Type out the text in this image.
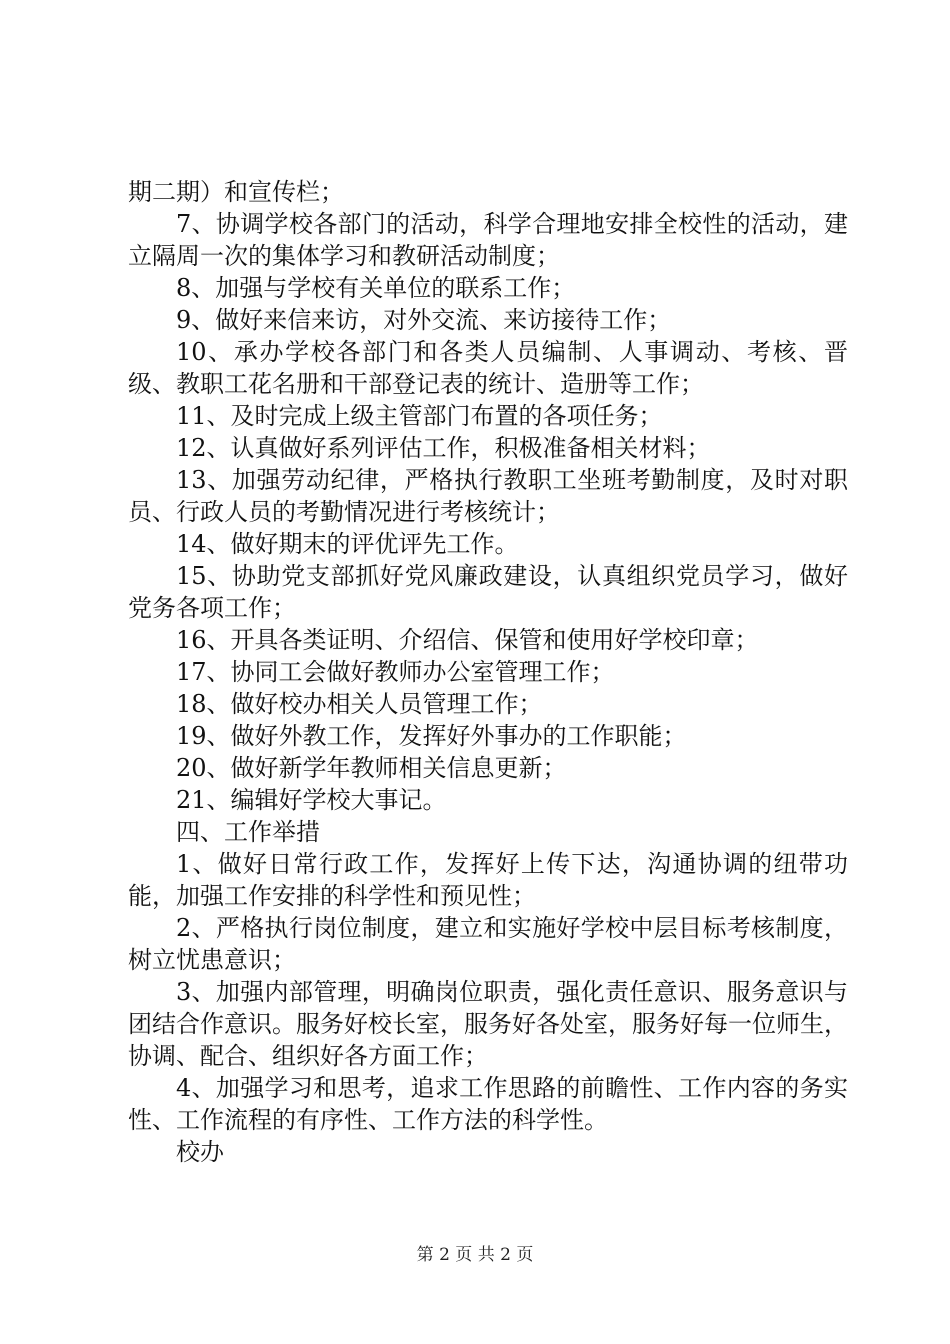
期二期）和宣传栏；

7、协调学校各部门的活动，科学合理地安排全校性的活动，建立隔周一次的集体学习和教研活动制度；

8、加强与学校有关单位的联系工作；

9、做好来信来访，对外交流、来访接待工作；

10、承办学校各部门和各类人员编制、人事调动、考核、晋级、教职工花名册和干部登记表的统计、造册等工作；

11、及时完成上级主管部门布置的各项任务；

12、认真做好系列评估工作，积极准备相关材料；

13、加强劳动纪律，严格执行教职工坐班考勤制度，及时对职员、行政人员的考勤情况进行考核统计；

14、做好期末的评优评先工作。

15、协助党支部抓好党风廉政建设，认真组织党员学习，做好党务各项工作；

16、开具各类证明、介绍信、保管和使用好学校印章；

17、协同工会做好教师办公室管理工作；

18、做好校办相关人员管理工作；

19、做好外教工作，发挥好外事办的工作职能；

20、做好新学年教师相关信息更新；

21、编辑好学校大事记。

四、工作举措

1、做好日常行政工作，发挥好上传下达，沟通协调的纽带功能，加强工作安排的科学性和预见性；

2、严格执行岗位制度，建立和实施好学校中层目标考核制度，树立忧患意识；

3、加强内部管理，明确岗位职责，强化责任意识、服务意识与团结合作意识。服务好校长室，服务好各处室，服务好每一位师生，协调、配合、组织好各方面工作；

4、加强学习和思考，追求工作思路的前瞻性、工作内容的务实性、工作流程的有序性、工作方法的科学性。

校办

第 2 页 共 2 页
